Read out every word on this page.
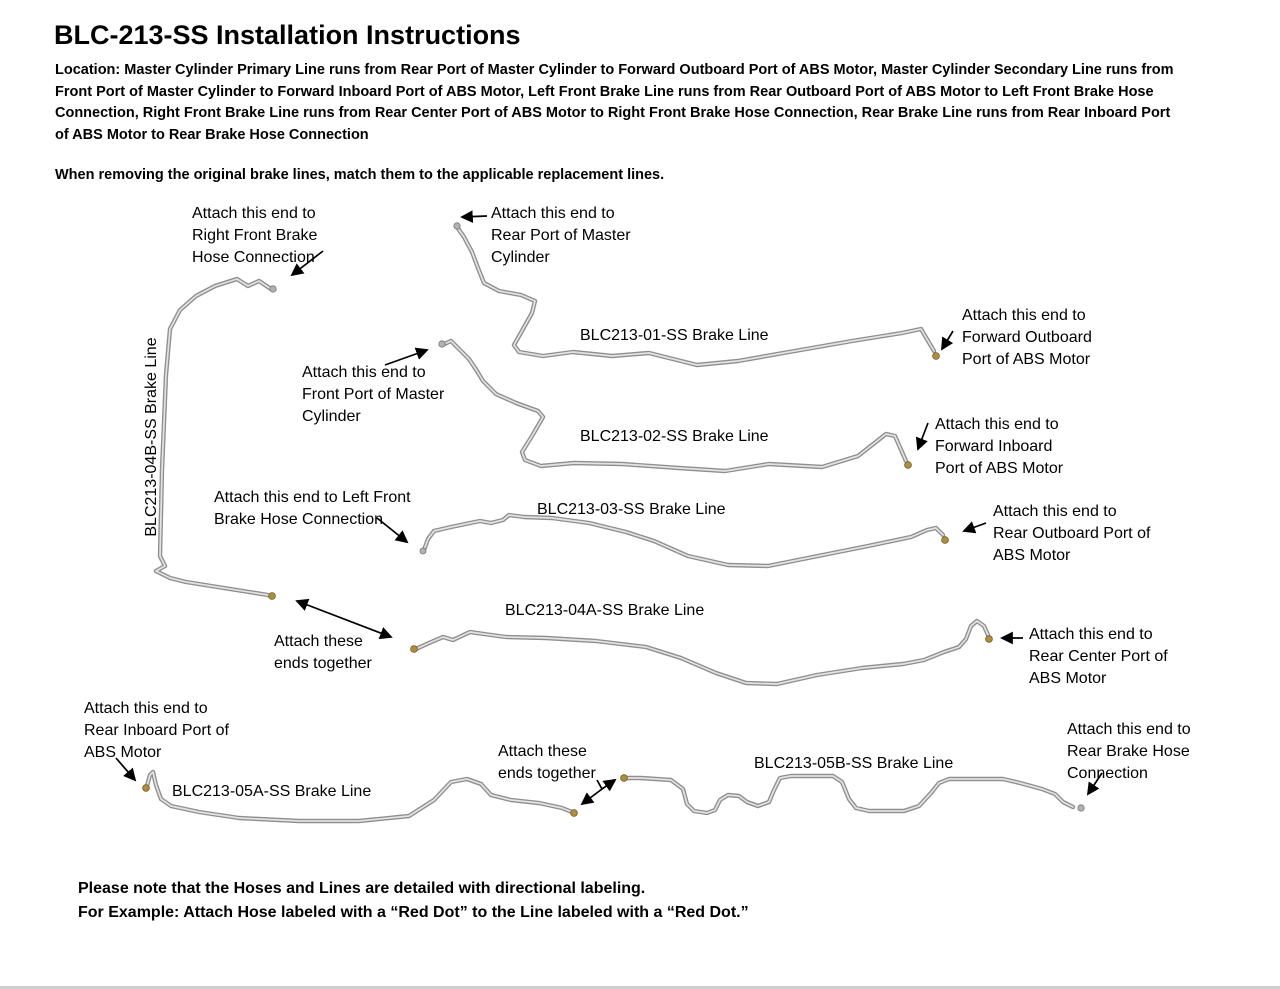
BLC-213-SS Installation Instructions
Location: Master Cylinder Primary Line runs from Rear Port of Master Cylinder to Forward Outboard Port of ABS Motor, Master Cylinder Secondary Line runs from Front Port of Master Cylinder to Forward Inboard Port of ABS Motor, Left Front Brake Line runs from Rear Outboard Port of ABS Motor to Left Front Brake Hose Connection, Right Front Brake Line runs from Rear Center Port of ABS Motor to Right Front Brake Hose Connection, Rear Brake Line runs from Rear Inboard Port of ABS Motor to Rear Brake Hose Connection
When removing the original brake lines, match them to the applicable replacement lines.
Attach this end to
Right Front Brake
Hose Connection
Attach this end to
Rear Port of Master
Cylinder
Attach this end to
Forward Outboard
Port of ABS Motor
Attach this end to
Front Port of Master
Cylinder	Attach this end to
Forward Inboard
Port of ABS Motor
Attach this end to Left Front
Brake Hose Connection	Attach this end to
Rear Outboard Port of
ABS Motor
Attach these
ends together
Attach this end to
Rear Center Port of
ABS Motor
Attach this end to
Rear Inboard Port of
ABS Motor	Attach these
ends together
Attach this end to
Rear Brake Hose
Connection
BLC213-01-SS Brake Line
BLC213-02-SS Brake Line
BLC213-03-SS Brake Line
BLC213-04A-SS Brake Line
BLC213-04B-SS Brake Line
BLC213-05A-SS Brake Line
BLC213-05B-SS Brake Line
Please note that the Hoses and Lines are detailed with directional labeling.
For Example: Attach Hose labeled with a “Red Dot” to the Line labeled with a “Red Dot.”
